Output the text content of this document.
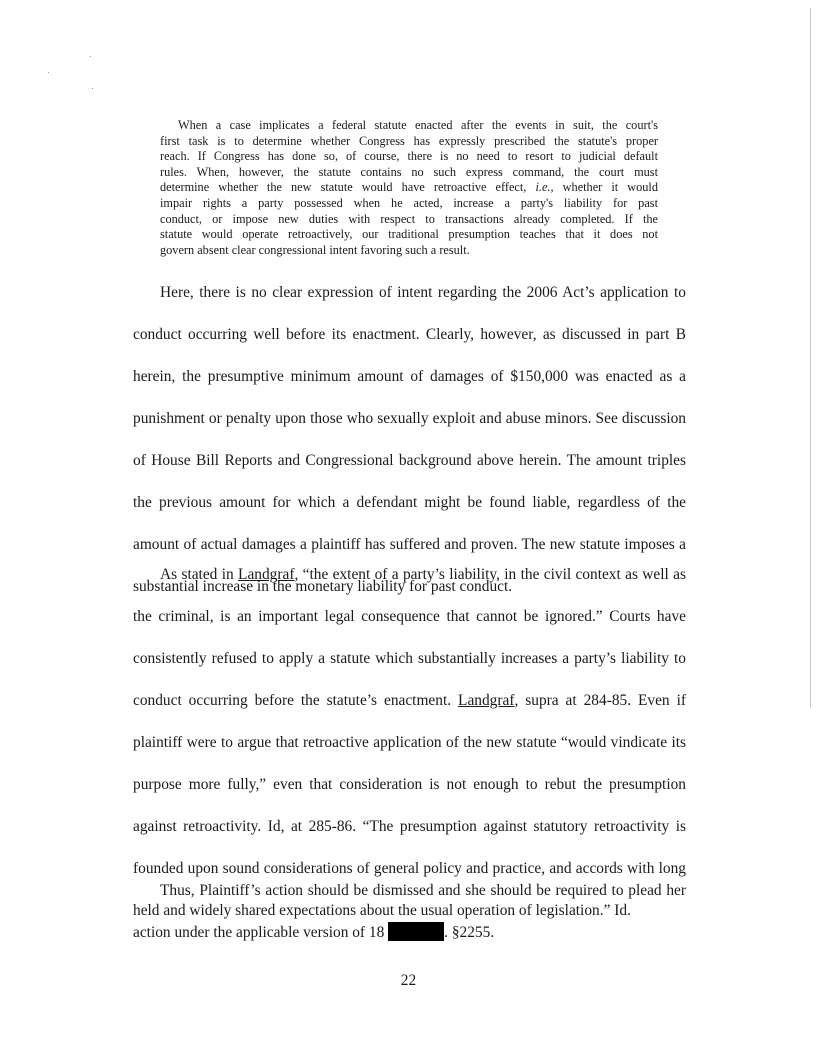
When a case implicates a federal statute enacted after the events in suit, the court's
first task is to determine whether Congress has expressly prescribed the statute's proper
reach. If Congress has done so, of course, there is no need to resort to judicial default
rules. When, however, the statute contains no such express command, the court must
determine whether the new statute would have retroactive effect, i.e., whether it would
impair rights a party possessed when he acted, increase a party's liability for past
conduct, or impose new duties with respect to transactions already completed. If the
statute would operate retroactively, our traditional presumption teaches that it does not
govern absent clear congressional intent favoring such a result.
Here, there is no clear expression of intent regarding the 2006 Act’s application to
conduct occurring well before its enactment. Clearly, however, as discussed in part B
herein, the presumptive minimum amount of damages of $150,000 was enacted as a
punishment or penalty upon those who sexually exploit and abuse minors. See discussion
of House Bill Reports and Congressional background above herein. The amount triples
the previous amount for which a defendant might be found liable, regardless of the
amount of actual damages a plaintiff has suffered and proven. The new statute imposes a
substantial increase in the monetary liability for past conduct.
As stated in Landgraf, “the extent of a party’s liability, in the civil context as well as
the criminal, is an important legal consequence that cannot be ignored.” Courts have
consistently refused to apply a statute which substantially increases a party’s liability to
conduct occurring before the statute’s enactment. Landgraf, supra at 284-85. Even if
plaintiff were to argue that retroactive application of the new statute “would vindicate its
purpose more fully,” even that consideration is not enough to rebut the presumption
against retroactivity. Id, at 285-86. “The presumption against statutory retroactivity is
founded upon sound considerations of general policy and practice, and accords with long
held and widely shared expectations about the usual operation of legislation.” Id.
Thus, Plaintiff’s action should be dismissed and she should be required to plead her
action under the applicable version of 18	. §2255.
22
